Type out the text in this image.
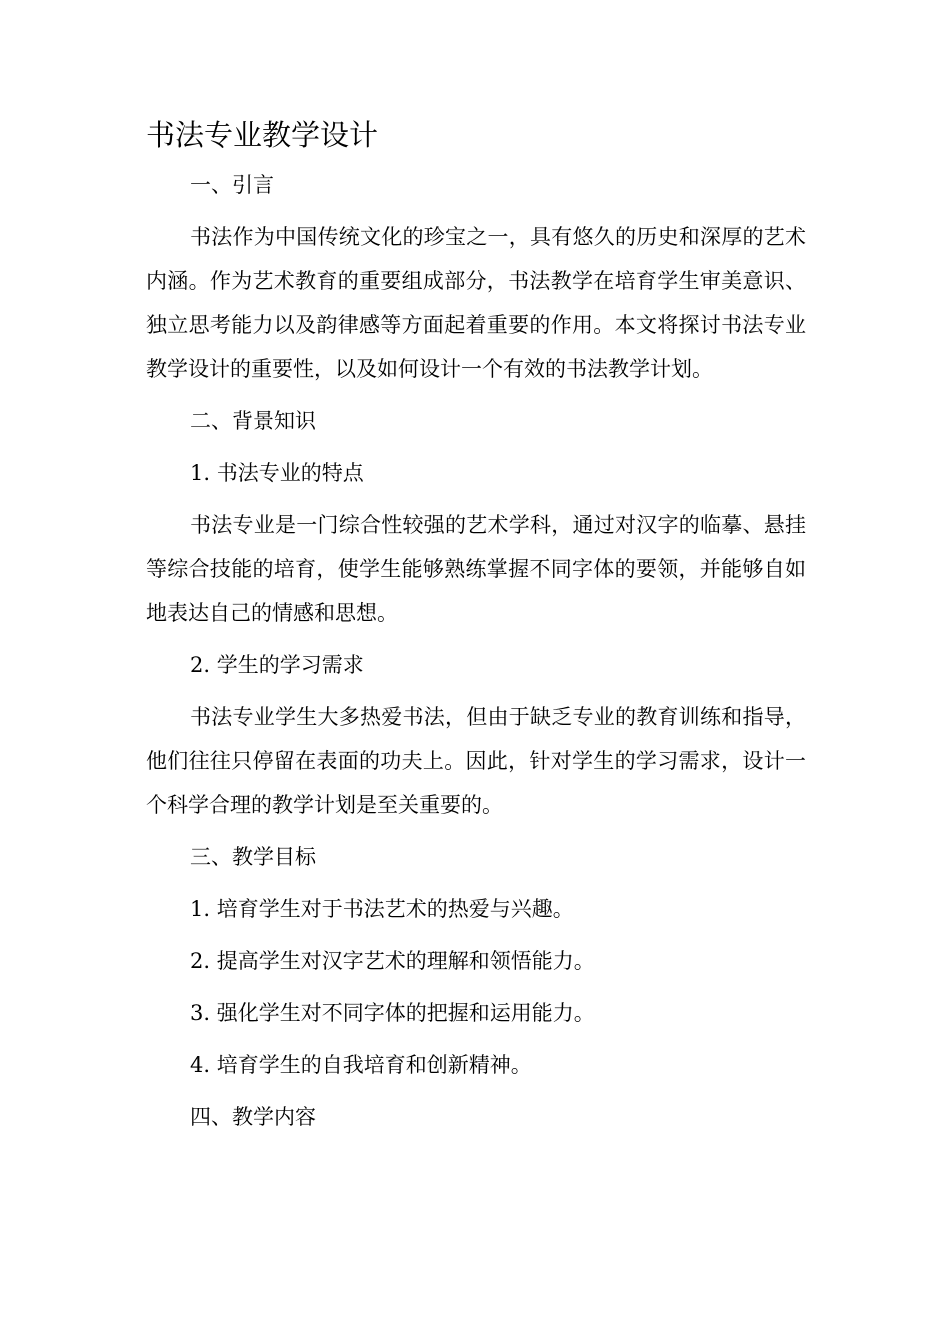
书法专业教学设计

一、引言

书法作为中国传统文化的珍宝之一，具有悠久的历史和深厚的艺术内涵。作为艺术教育的重要组成部分，书法教学在培育学生审美意识、独立思考能力以及韵律感等方面起着重要的作用。本文将探讨书法专业教学设计的重要性，以及如何设计一个有效的书法教学计划。

二、背景知识

1. 书法专业的特点

书法专业是一门综合性较强的艺术学科，通过对汉字的临摹、悬挂等综合技能的培育，使学生能够熟练掌握不同字体的要领，并能够自如地表达自己的情感和思想。

2. 学生的学习需求

书法专业学生大多热爱书法，但由于缺乏专业的教育训练和指导，他们往往只停留在表面的功夫上。因此，针对学生的学习需求，设计一个科学合理的教学计划是至关重要的。

三、教学目标

1. 培育学生对于书法艺术的热爱与兴趣。

2. 提高学生对汉字艺术的理解和领悟能力。

3. 强化学生对不同字体的把握和运用能力。

4. 培育学生的自我培育和创新精神。

四、教学内容
